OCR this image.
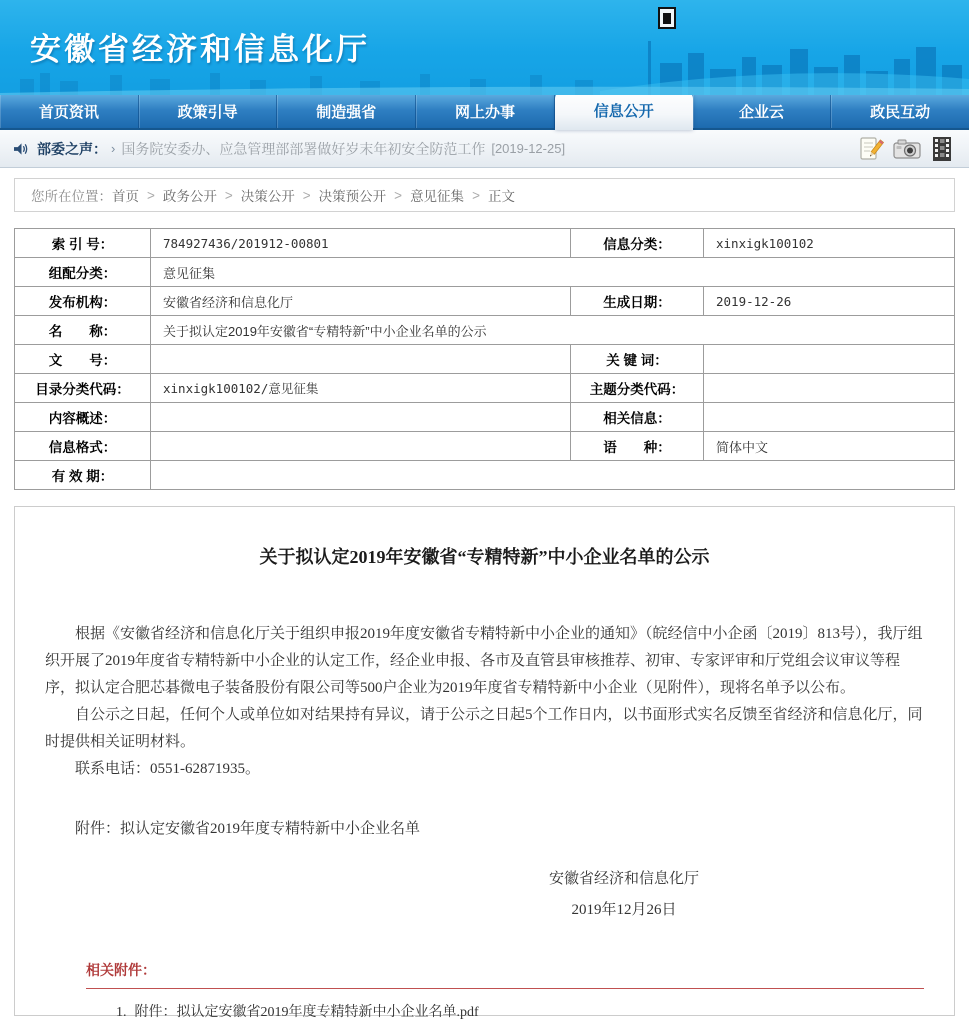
安徽省经济和信息化厅
首页资讯	政策引导	制造强省	网上办事	信息公开	企业云	政民互动
部委之声： › 国务院安委办、应急管理部部署做好岁末年初安全防范工作 [2019-12-25]
您所在位置： 首页 > 政务公开 > 决策公开 > 决策预公开 > 意见征集 > 正文
索 引 号：	784927436/201912-00801	信息分类：	xinxigk100102
组配分类：	意见征集		
发布机构：	安徽省经济和信息化厅	生成日期：	2019-12-26
名　　称：	关于拟认定2019年安徽省“专精特新”中小企业名单的公示		
文　　号：		关 键 词：	
目录分类代码：	xinxigk100102/意见征集	主题分类代码：	
内容概述：		相关信息：	
信息格式：		语　　种：	简体中文
有 效 期：			
关于拟认定2019年安徽省“专精特新”中小企业名单的公示

根据《安徽省经济和信息化厅关于组织申报2019年度安徽省专精特新中小企业的通知》（皖经信中小企函〔2019〕813号），我厅组织开展了2019年度省专精特新中小企业的认定工作，经企业申报、各市及直管县审核推荐、初审、专家评审和厅党组会议审议等程序，拟认定合肥芯碁微电子装备股份有限公司等500户企业为2019年度省专精特新中小企业（见附件），现将名单予以公布。

自公示之日起，任何个人或单位如对结果持有异议，请于公示之日起5个工作日内，以书面形式实名反馈至省经济和信息化厅，同时提供相关证明材料。

联系电话：0551-62871935。

附件：拟认定安徽省2019年度专精特新中小企业名单
安徽省经济和信息化厅
2019年12月26日
相关附件：
1. 附件：拟认定安徽省2019年度专精特新中小企业名单.pdf
